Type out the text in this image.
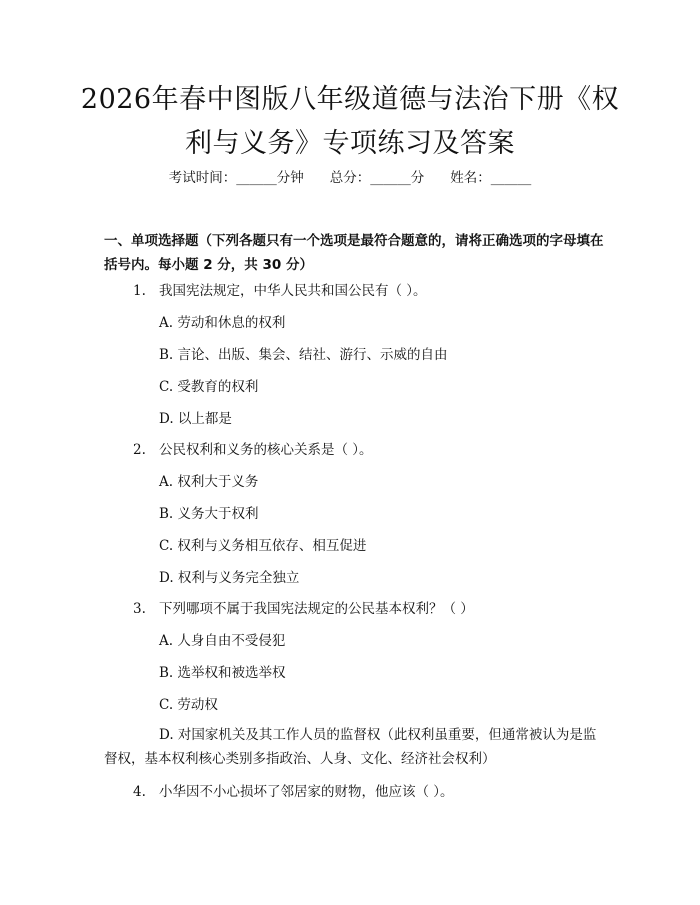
2026年春中图版八年级道德与法治下册《权利与义务》专项练习及答案
考试时间：______分钟 总分：______分 姓名：______
一、单项选择题（下列各题只有一个选项是最符合题意的，请将正确选项的字母填在括号内。每小题 2 分，共 30 分）
1. 我国宪法规定，中华人民共和国公民有（ ）。
A. 劳动和休息的权利
B. 言论、出版、集会、结社、游行、示威的自由
C. 受教育的权利
D. 以上都是
2. 公民权利和义务的核心关系是（ ）。
A. 权利大于义务
B. 义务大于权利
C. 权利与义务相互依存、相互促进
D. 权利与义务完全独立
3. 下列哪项不属于我国宪法规定的公民基本权利？（ ）
A. 人身自由不受侵犯
B. 选举权和被选举权
C. 劳动权
D. 对国家机关及其工作人员的监督权（此权利虽重要，但通常被认为是监督权，基本权利核心类别多指政治、人身、文化、经济社会权利）
4. 小华因不小心损坏了邻居家的财物，他应该（ ）。
